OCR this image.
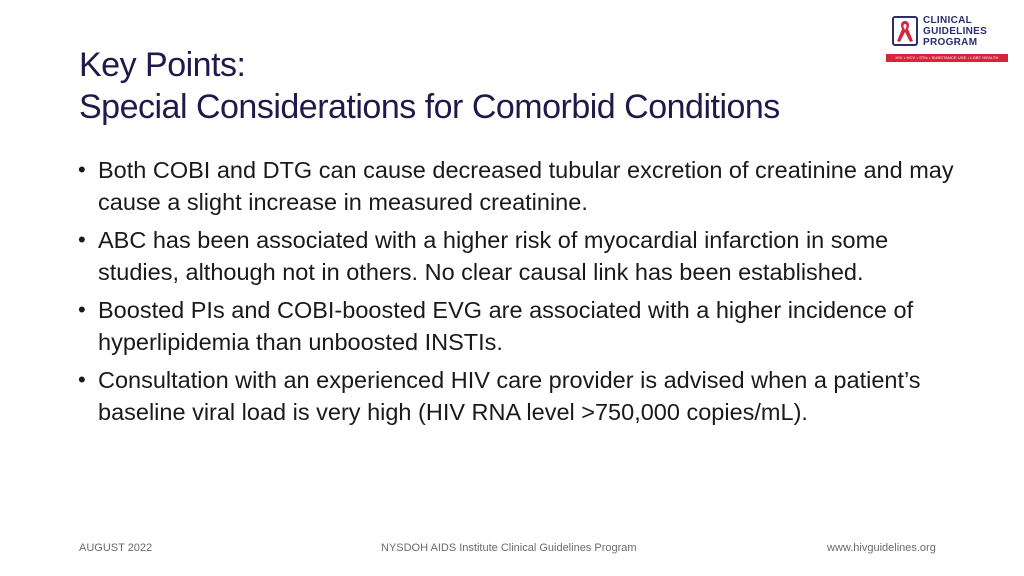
Key Points:
Special Considerations for Comorbid Conditions
CLINICAL
GUIDELINES
PROGRAM
HIV • HCV • STIs • SUBSTANCE USE • LGBT HEALTH
• Both COBI and DTG can cause decreased tubular excretion of creatinine and may cause a slight increase in measured creatinine.
• ABC has been associated with a higher risk of myocardial infarction in some studies, although not in others. No clear causal link has been established.
• Boosted PIs and COBI-boosted EVG are associated with a higher incidence of hyperlipidemia than unboosted INSTIs.
• Consultation with an experienced HIV care provider is advised when a patient’s baseline viral load is very high (HIV RNA level >750,000 copies/mL).
AUGUST 2022	NYSDOH AIDS Institute Clinical Guidelines Program	www.hivguidelines.org
